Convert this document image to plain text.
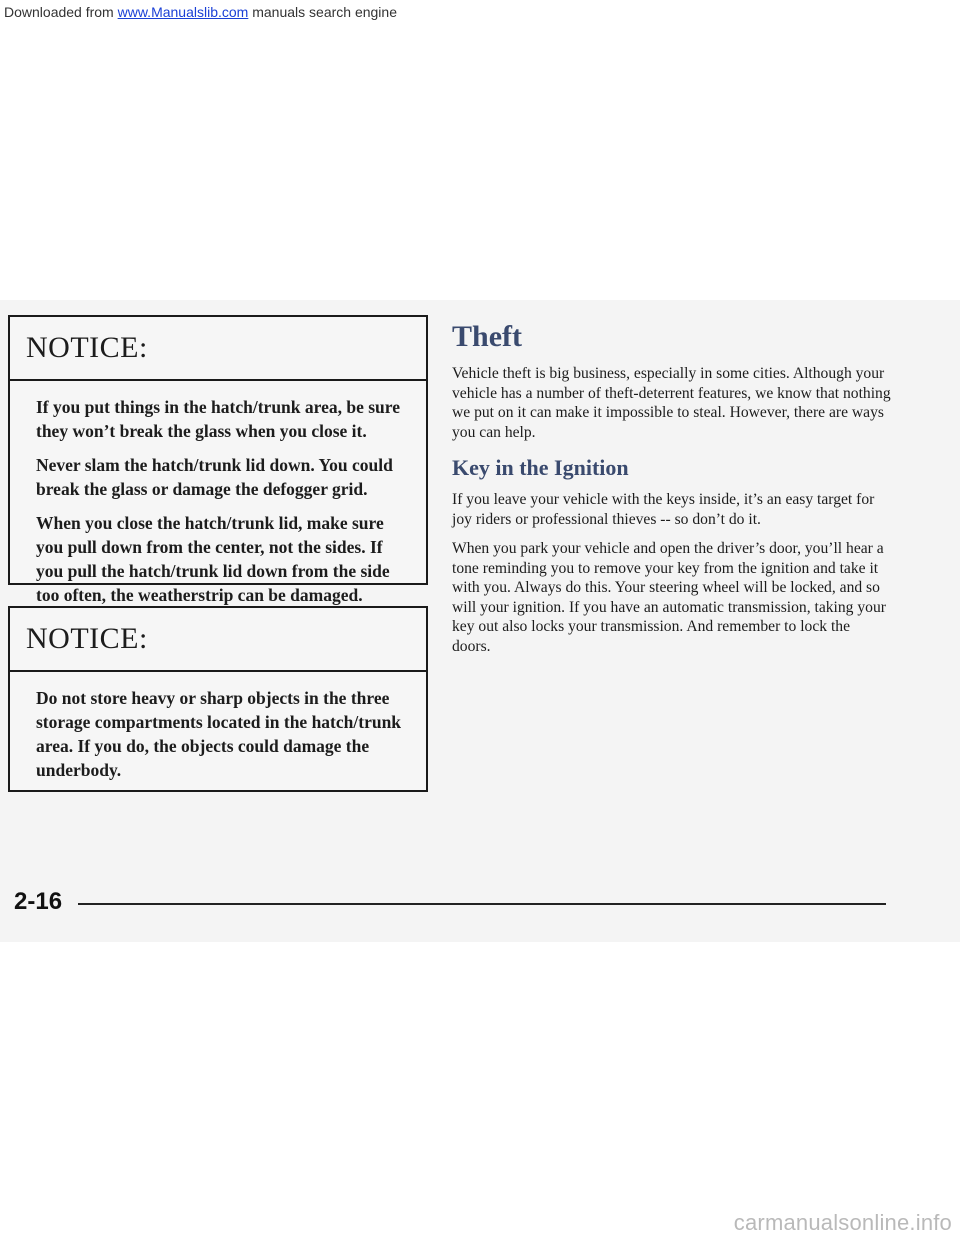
Downloaded from www.Manualslib.com manuals search engine
NOTICE:

If you put things in the hatch/trunk area, be sure they won’t break the glass when you close it.

Never slam the hatch/trunk lid down. You could break the glass or damage the defogger grid.

When you close the hatch/trunk lid, make sure you pull down from the center, not the sides. If you pull the hatch/trunk lid down from the side too often, the weatherstrip can be damaged.

NOTICE:

Do not store heavy or sharp objects in the three storage compartments located in the hatch/trunk area. If you do, the objects could damage the underbody.

Theft

Vehicle theft is big business, especially in some cities. Although your vehicle has a number of theft-deterrent features, we know that nothing we put on it can make it impossible to steal. However, there are ways you can help.

Key in the Ignition

If you leave your vehicle with the keys inside, it’s an easy target for joy riders or professional thieves -- so don’t do it.

When you park your vehicle and open the driver’s door, you’ll hear a tone reminding you to remove your key from the ignition and take it with you. Always do this. Your steering wheel will be locked, and so will your ignition. If you have an automatic transmission, taking your key out also locks your transmission. And remember to lock the doors.

2-16
carmanualsonline.info
